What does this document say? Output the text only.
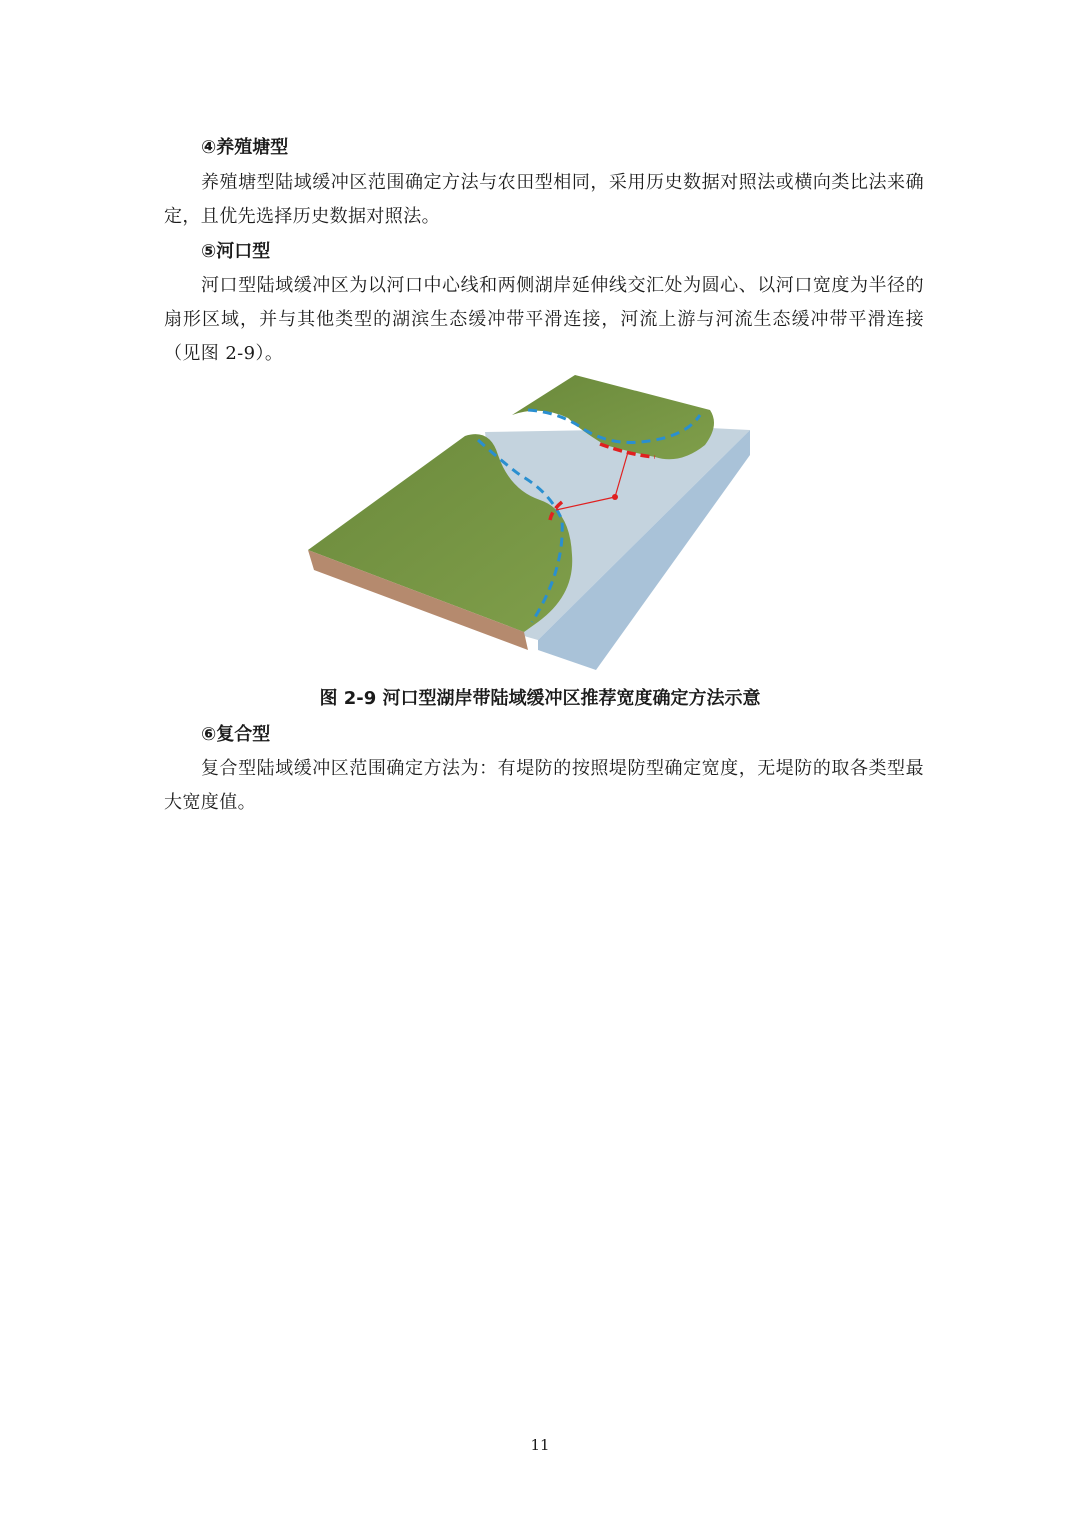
④养殖塘型

养殖塘型陆域缓冲区范围确定方法与农田型相同，采用历史数据对照法或横向类比法来确定，且优先选择历史数据对照法。

⑤河口型

河口型陆域缓冲区为以河口中心线和两侧湖岸延伸线交汇处为圆心、以河口宽度为半径的扇形区域，并与其他类型的湖滨生态缓冲带平滑连接，河流上游与河流生态缓冲带平滑连接（见图 2-9）。

图 2-9 河口型湖岸带陆域缓冲区推荐宽度确定方法示意
⑥复合型

复合型陆域缓冲区范围确定方法为：有堤防的按照堤防型确定宽度，无堤防的取各类型最大宽度值。

11
